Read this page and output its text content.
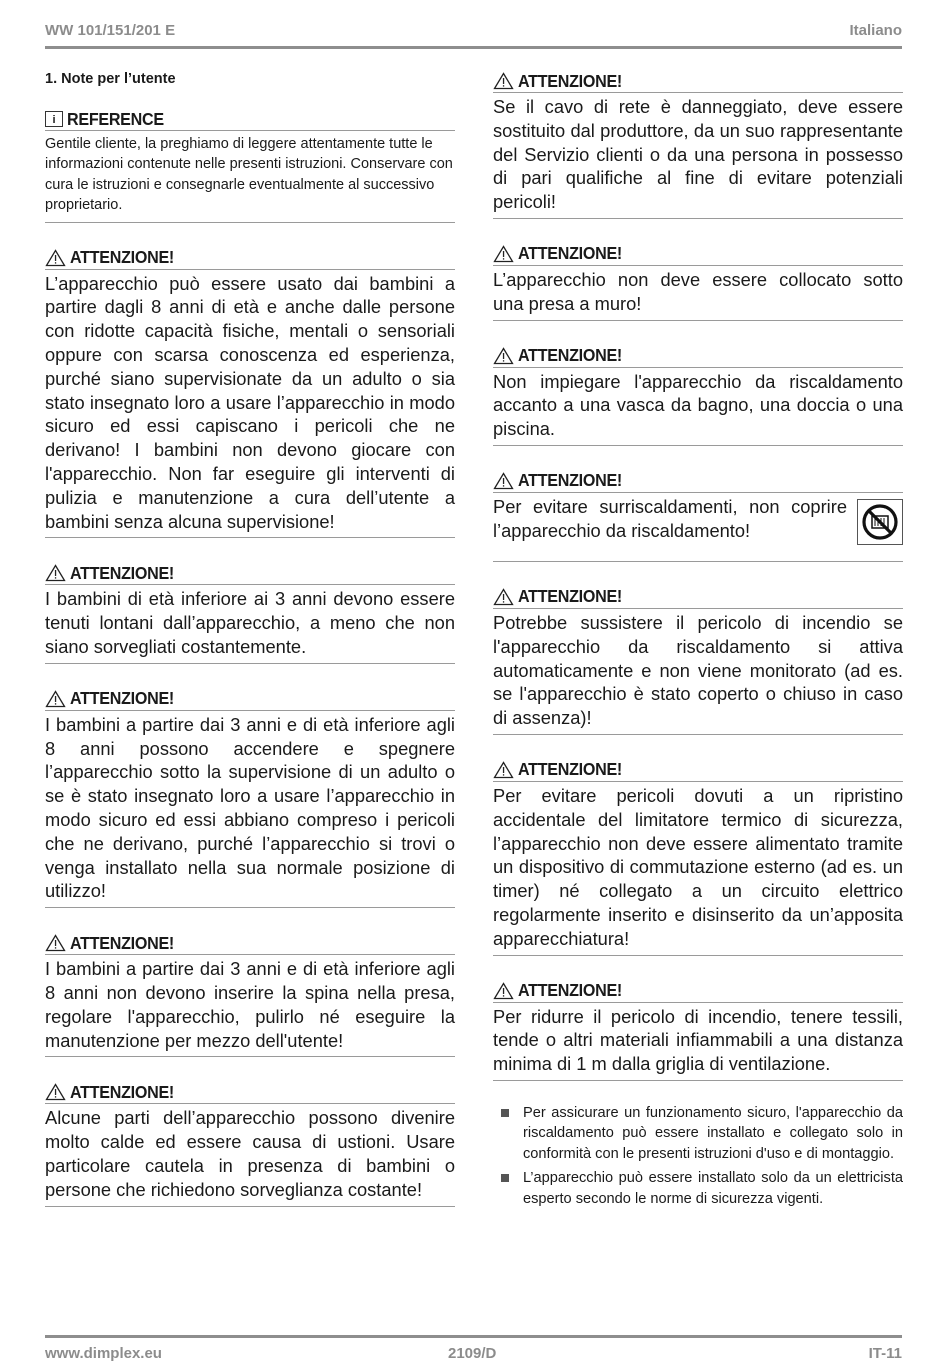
WW 101/151/201 E	Italiano
1. Note per l’utente
i REFERENCE
Gentile cliente, la preghiamo di leggere attentamente tutte le informazioni contenute nelle presenti istruzioni. Conservare con cura le istruzioni e consegnarle eventualmente al successivo proprietario.
ATTENZIONE!
L’apparecchio può essere usato dai bambini a partire dagli 8 anni di età e anche dalle persone con ridotte capacità fisiche, mentali o sensoriali oppure con scarsa conoscenza ed esperienza, purché siano supervisionate da un adulto o sia stato insegnato loro a usare l’apparecchio in modo sicuro ed essi capiscano i pericoli che ne derivano! I bambini non devono giocare con l'apparecchio. Non far eseguire gli interventi di pulizia e manutenzione a cura dell’utente a bambini senza alcuna supervisione!
ATTENZIONE!
I bambini di età inferiore ai 3 anni devono essere tenuti lontani dall’apparecchio, a meno che non siano sorvegliati costantemente.
ATTENZIONE!
I bambini a partire dai 3 anni e di età inferiore agli 8 anni possono accendere e spegnere l’apparecchio sotto la supervisione di un adulto o se è stato insegnato loro a usare l’apparecchio in modo sicuro ed essi abbiano compreso i pericoli che ne derivano, purché l’apparecchio si trovi o venga installato nella sua normale posizione di utilizzo!
ATTENZIONE!
I bambini a partire dai 3 anni e di età inferiore agli 8 anni non devono inserire la spina nella presa, regolare l'apparecchio, pulirlo né eseguire la manutenzione per mezzo dell'utente!
ATTENZIONE!
Alcune parti dell’apparecchio possono divenire molto calde ed essere causa di ustioni. Usare particolare cautela in presenza di bambini o persone che richiedono sorveglianza costante!
ATTENZIONE!
Se il cavo di rete è danneggiato, deve essere sostituito dal produttore, da un suo rappresentante del Servizio clienti o da una persona in possesso di pari qualifiche al fine di evitare potenziali pericoli!
ATTENZIONE!
L’apparecchio non deve essere collocato sotto una presa a muro!
ATTENZIONE!
Non impiegare l'apparecchio da riscaldamento accanto a una vasca da bagno, una doccia o una piscina.
ATTENZIONE!
Per evitare surriscaldamenti, non coprire l’apparecchio da riscaldamento!
ATTENZIONE!
Potrebbe sussistere il pericolo di incendio se l'apparecchio da riscaldamento si attiva automaticamente e non viene monitorato (ad es. se l'apparecchio è stato coperto o chiuso in caso di assenza)!
ATTENZIONE!
Per evitare pericoli dovuti a un ripristino accidentale del limitatore termico di sicurezza, l’apparecchio non deve essere alimentato tramite un dispositivo di commutazione esterno (ad es. un timer) né collegato a un circuito elettrico regolarmente inserito e disinserito da un’apposita apparecchiatura!
ATTENZIONE!
Per ridurre il pericolo di incendio, tenere tessili, tende o altri materiali infiammabili a una distanza minima di 1 m dalla griglia di ventilazione.
Per assicurare un funzionamento sicuro, l'apparecchio da riscaldamento può essere installato e collegato solo in conformità con le presenti istruzioni d'uso e di montaggio.
L’apparecchio può essere installato solo da un elettricista esperto secondo le norme di sicurezza vigenti.
www.dimplex.eu	2109/D	IT-11
